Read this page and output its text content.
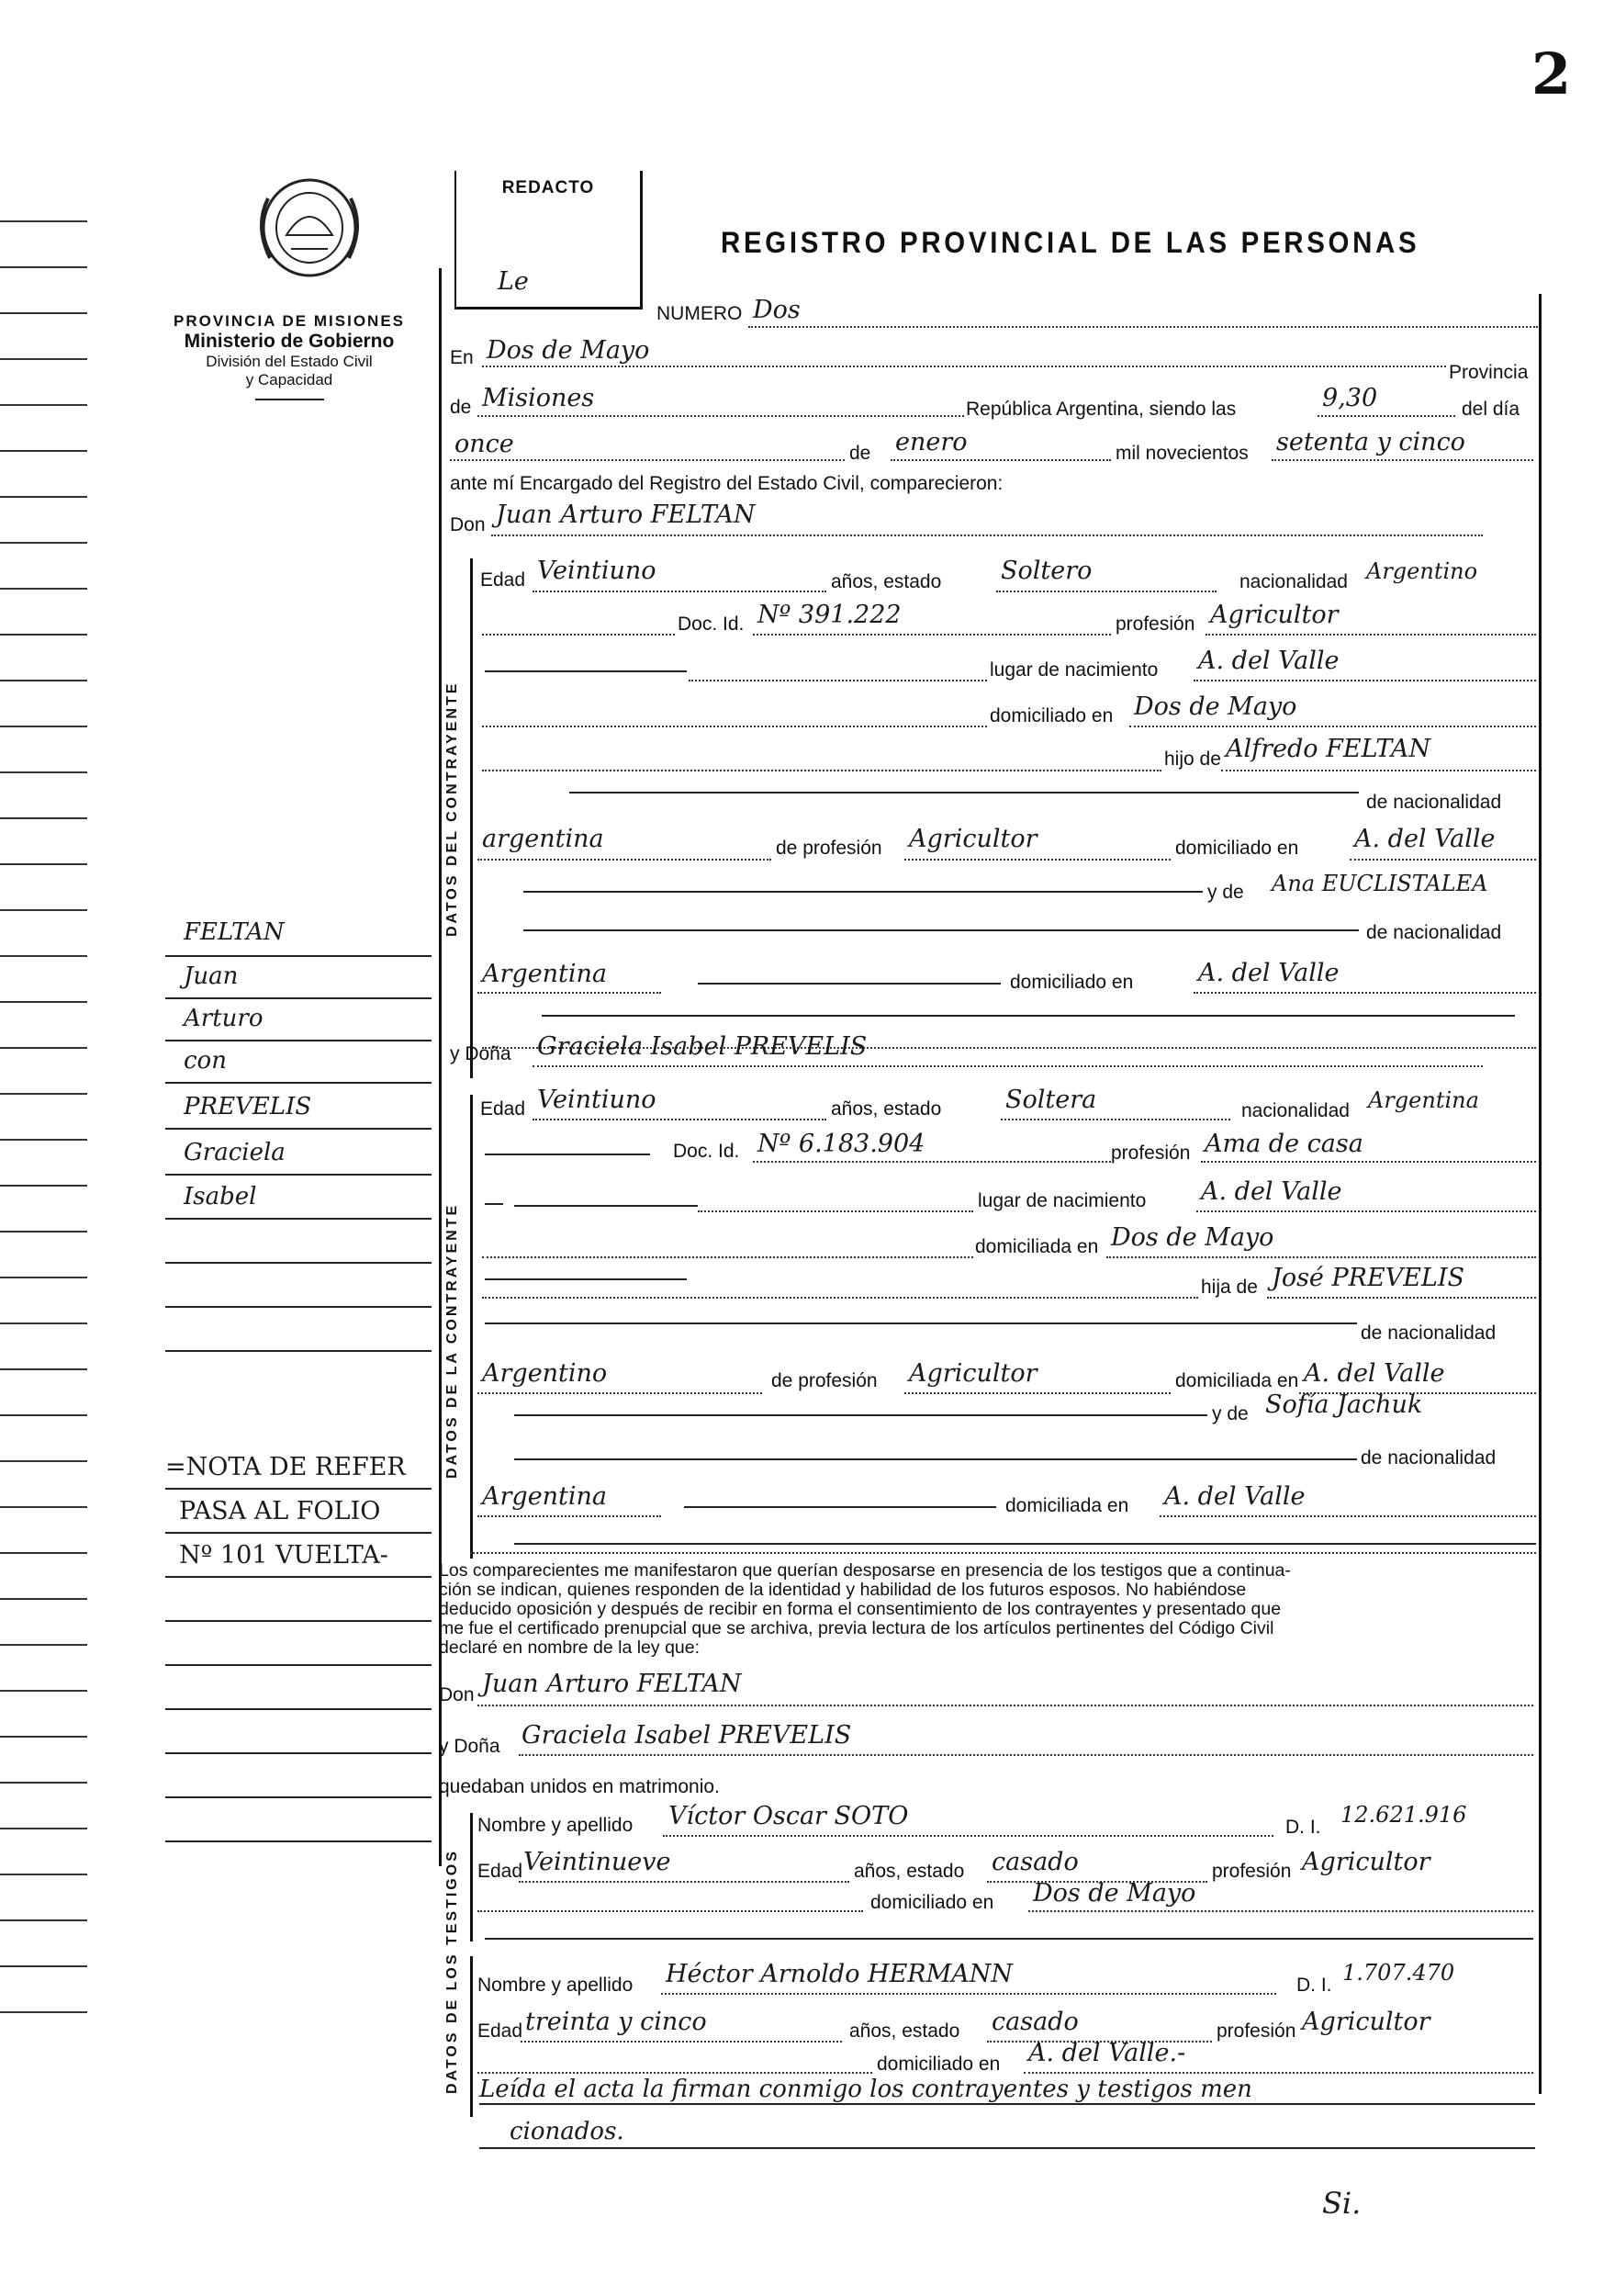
2
PROVINCIA DE MISIONES
Ministerio de Gobierno
División del Estado Civil
y Capacidad
REDACTO
Le
REGISTRO PROVINCIAL DE LAS PERSONAS
NUMERO Dos
DATOS DEL CONTRAYENTE
DATOS DE LA CONTRAYENTE
DATOS DE LOS TESTIGOS
En Dos de Mayo
Provincia
de Misiones	República Argentina, siendo las	9,30	del día
once	de enero	mil novecientos setenta y cinco
ante mí Encargado del Registro del Estado Civil, comparecieron:
Don Juan Arturo FELTAN
Edad Veintiuno	años, estado Soltero	nacionalidad Argentino
Doc. Id. Nº 391.222	profesión Agricultor
lugar de nacimiento A. del Valle
domiciliado en Dos de Mayo
hijo de Alfredo FELTAN
de nacionalidad
argentina	de profesión Agricultor	domiciliado en A. del Valle
y de Ana EUCLISTALEA
de nacionalidad
Argentina	domiciliado en	A. del Valle
y Doña Graciela Isabel PREVELIS
Edad Veintiuno	años, estado	Soltera	nacionalidad Argentina
Doc. Id. Nº 6.183.904	profesión Ama de casa
lugar de nacimiento A. del Valle
domiciliada en Dos de Mayo
hija de José PREVELIS
de nacionalidad
Argentino	de profesión Agricultor	domiciliada en A. del Valle
y de Sofía Jachuk
de nacionalidad
Argentina	domiciliada en A. del Valle
Los comparecientes me manifestaron que querían desposarse en presencia de los testigos que a continua-
ción se indican, quienes responden de la identidad y habilidad de los futuros esposos. No habiéndose
deducido oposición y después de recibir en forma el consentimiento de los contrayentes y presentado que
me fue el certificado prenupcial que se archiva, previa lectura de los artículos pertinentes del Código Civil
declaré en nombre de la ley que:
Don Juan Arturo FELTAN
y Doña Graciela Isabel PREVELIS
quedaban unidos en matrimonio.
Nombre y apellido Víctor Oscar SOTO	D. I. 12.621.916
Edad Veintinueve	años, estado casado	profesión Agricultor
domiciliado en Dos de Mayo
Nombre y apellido Héctor Arnoldo HERMANN	D. I. 1.707.470
Edad treinta y cinco	años, estado casado	profesión Agricultor
domiciliado en A. del Valle.-
Leída el acta la firman conmigo los contrayentes y testigos men
cionados.
FELTAN
Juan
Arturo
con
PREVELIS
Graciela
Isabel
=NOTA DE REFER
PASA AL FOLIO
Nº 101 VUELTA-
Si.
